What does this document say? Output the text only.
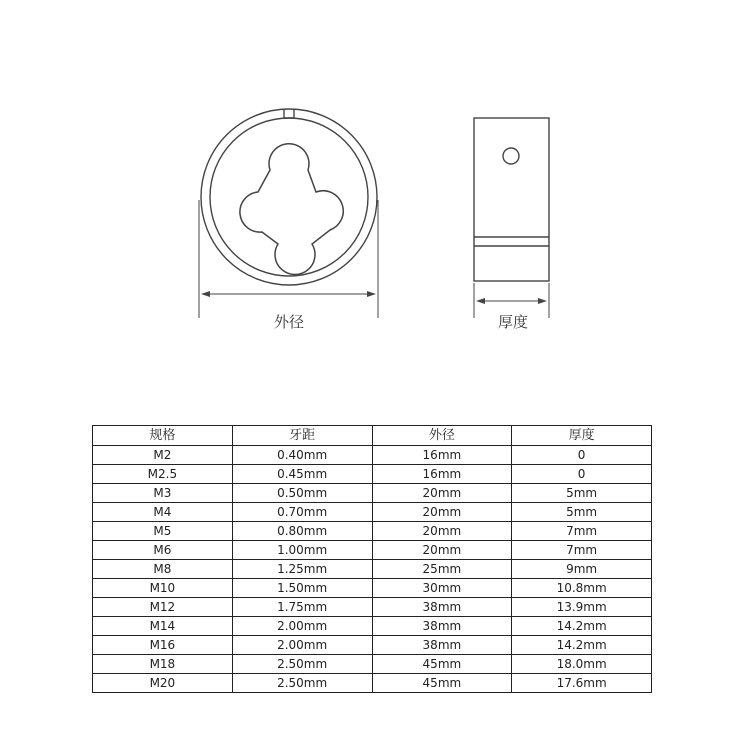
外径	厚度
规格	牙距	外径	厚度
M2	0.40mm	16mm	0
M2.5	0.45mm	16mm	0
M3	0.50mm	20mm	5mm
M4	0.70mm	20mm	5mm
M5	0.80mm	20mm	7mm
M6	1.00mm	20mm	7mm
M8	1.25mm	25mm	9mm
M10	1.50mm	30mm	10.8mm
M12	1.75mm	38mm	13.9mm
M14	2.00mm	38mm	14.2mm
M16	2.00mm	38mm	14.2mm
M18	2.50mm	45mm	18.0mm
M20	2.50mm	45mm	17.6mm
